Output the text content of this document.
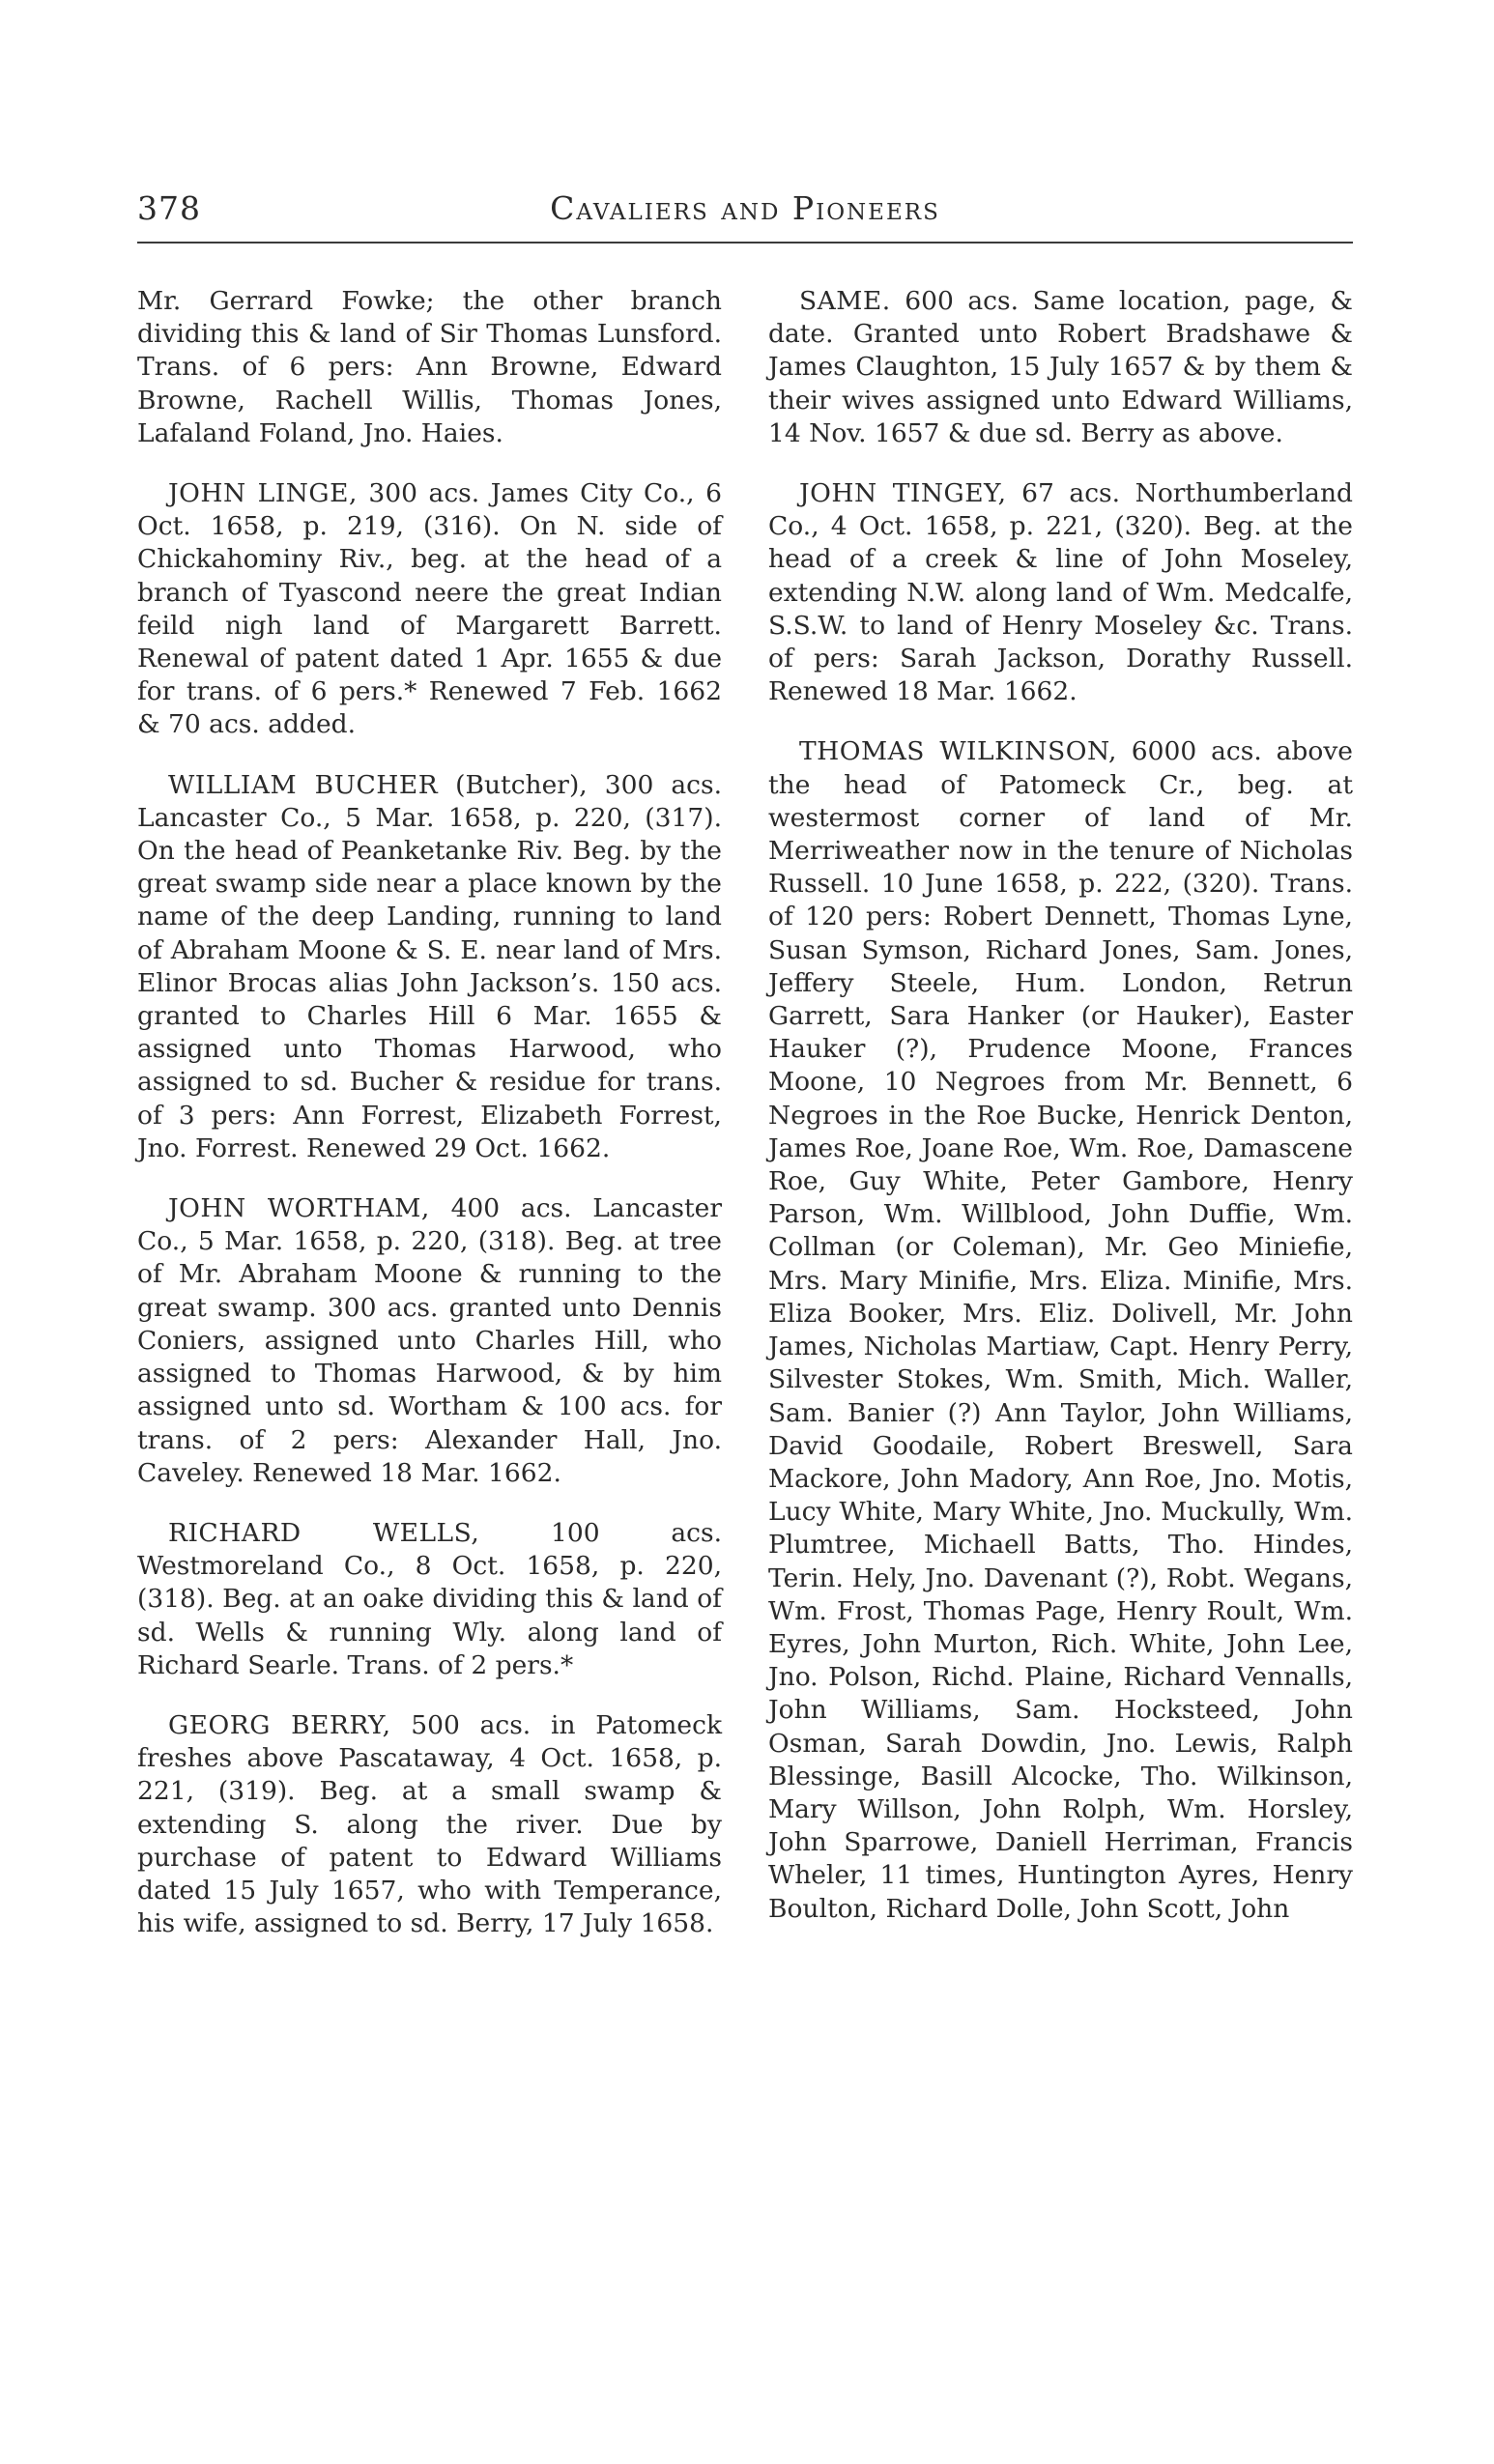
378	Cavaliers and Pioneers

Mr. Gerrard Fowke; the other branch dividing this & land of Sir Thomas Lunsford. Trans. of 6 pers: Ann Browne, Edward Browne, Rachell Willis, Thomas Jones, Lafaland Foland, Jno. Haies.

JOHN LINGE, 300 acs. James City Co., 6 Oct. 1658, p. 219, (316). On N. side of Chickahominy Riv., beg. at the head of a branch of Tyascond neere the great Indian feild nigh land of Margarett Barrett. Renewal of patent dated 1 Apr. 1655 & due for trans. of 6 pers.* Renewed 7 Feb. 1662 & 70 acs. added.

WILLIAM BUCHER (Butcher), 300 acs. Lancaster Co., 5 Mar. 1658, p. 220, (317). On the head of Peanketanke Riv. Beg. by the great swamp side near a place known by the name of the deep Landing, running to land of Abraham Moone & S. E. near land of Mrs. Elinor Brocas alias John Jackson’s. 150 acs. granted to Charles Hill 6 Mar. 1655 & assigned unto Thomas Harwood, who assigned to sd. Bucher & residue for trans. of 3 pers: Ann Forrest, Elizabeth Forrest, Jno. Forrest. Renewed 29 Oct. 1662.

JOHN WORTHAM, 400 acs. Lancaster Co., 5 Mar. 1658, p. 220, (318). Beg. at tree of Mr. Abraham Moone & running to the great swamp. 300 acs. granted unto Dennis Coniers, assigned unto Charles Hill, who assigned to Thomas Harwood, & by him assigned unto sd. Wortham & 100 acs. for trans. of 2 pers: Alexander Hall, Jno. Caveley. Renewed 18 Mar. 1662.

RICHARD WELLS, 100 acs. Westmoreland Co., 8 Oct. 1658, p. 220, (318). Beg. at an oake dividing this & land of sd. Wells & running Wly. along land of Richard Searle. Trans. of 2 pers.*

GEORG BERRY, 500 acs. in Patomeck freshes above Pascataway, 4 Oct. 1658, p. 221, (319). Beg. at a small swamp & extending S. along the river. Due by purchase of patent to Edward Williams dated 15 July 1657, who with Temperance, his wife, assigned to sd. Berry, 17 July 1658.

SAME. 600 acs. Same location, page, & date. Granted unto Robert Bradshawe & James Claughton, 15 July 1657 & by them & their wives assigned unto Edward Williams, 14 Nov. 1657 & due sd. Berry as above.

JOHN TINGEY, 67 acs. Northumberland Co., 4 Oct. 1658, p. 221, (320). Beg. at the head of a creek & line of John Moseley, extending N.W. along land of Wm. Medcalfe, S.S.W. to land of Henry Moseley &c. Trans. of pers: Sarah Jackson, Dorathy Russell. Renewed 18 Mar. 1662.

THOMAS WILKINSON, 6000 acs. above the head of Patomeck Cr., beg. at westermost corner of land of Mr. Merriweather now in the tenure of Nicholas Russell. 10 June 1658, p. 222, (320). Trans. of 120 pers: Robert Dennett, Thomas Lyne, Susan Symson, Richard Jones, Sam. Jones, Jeffery Steele, Hum. London, Retrun Garrett, Sara Hanker (or Hauker), Easter Hauker (?), Prudence Moone, Frances Moone, 10 Negroes from Mr. Bennett, 6 Negroes in the Roe Bucke, Henrick Denton, James Roe, Joane Roe, Wm. Roe, Damascene Roe, Guy White, Peter Gambore, Henry Parson, Wm. Willblood, John Duffie, Wm. Collman (or Coleman), Mr. Geo Miniefie, Mrs. Mary Minifie, Mrs. Eliza. Minifie, Mrs. Eliza Booker, Mrs. Eliz. Dolivell, Mr. John James, Nicholas Martiaw, Capt. Henry Perry, Silvester Stokes, Wm. Smith, Mich. Waller, Sam. Banier (?) Ann Taylor, John Williams, David Goodaile, Robert Breswell, Sara Mackore, John Madory, Ann Roe, Jno. Motis, Lucy White, Mary White, Jno. Muckully, Wm. Plumtree, Michaell Batts, Tho. Hindes, Terin. Hely, Jno. Davenant (?), Robt. Wegans, Wm. Frost, Thomas Page, Henry Roult, Wm. Eyres, John Murton, Rich. White, John Lee, Jno. Polson, Richd. Plaine, Richard Vennalls, John Williams, Sam. Hocksteed, John Osman, Sarah Dowdin, Jno. Lewis, Ralph Blessinge, Basill Alcocke, Tho. Wilkinson, Mary Willson, John Rolph, Wm. Horsley, John Sparrowe, Daniell Herriman, Francis Wheler, 11 times, Huntington Ayres, Henry Boulton, Richard Dolle, John Scott, John
